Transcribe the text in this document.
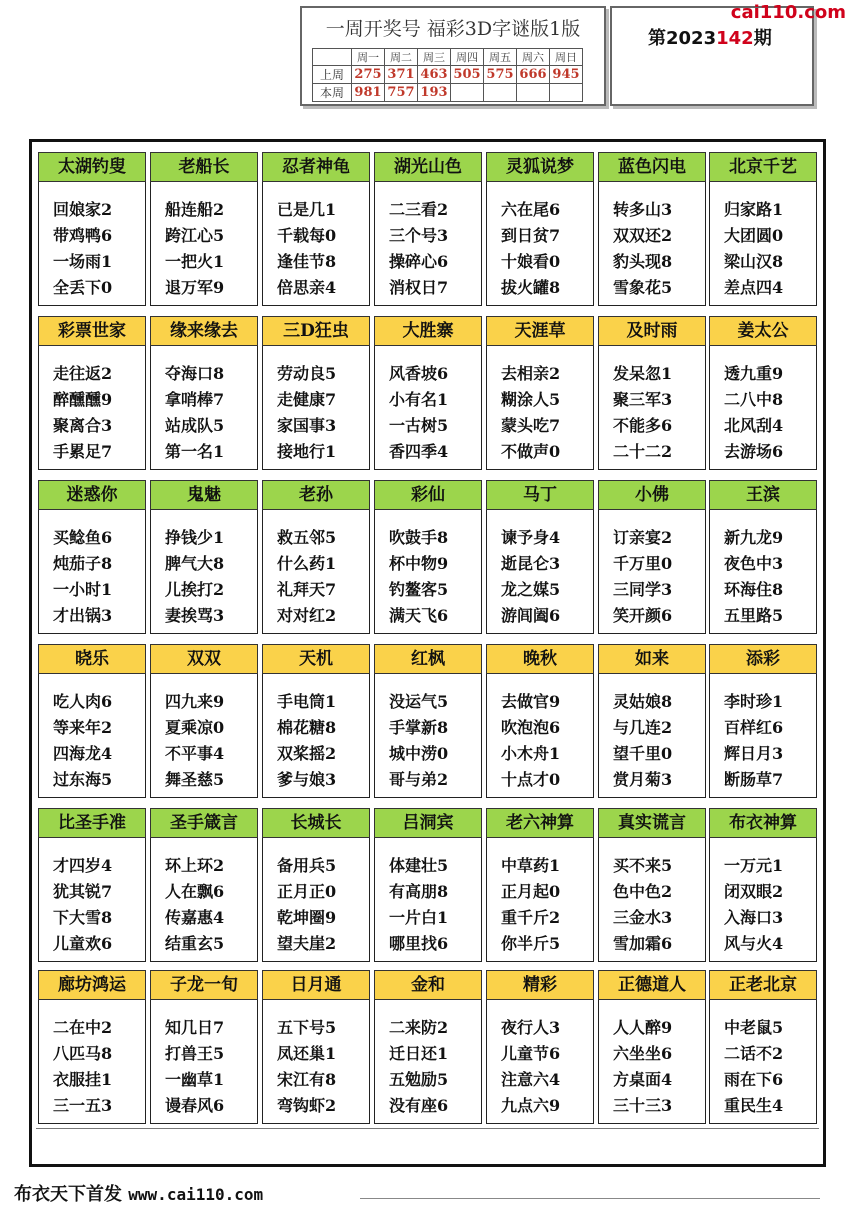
一周开奖号 福彩3D字谜版1版
	周一	周二	周三	周四	周五	周六	周日
上周	275	371	463	505	575	666	945
本周	981	757	193				
第2023142期
cai110.com
太湖钓叟
回娘家2
带鸡鸭6
一场雨1
全丢下0
老船长
船连船2
跨江心5
一把火1
退万军9
忍者神龟
已是几1
千载每0
逢佳节8
倍思亲4
湖光山色
二三看2
三个号3
操碎心6
消权日7
灵狐说梦
六在尾6
到日贫7
十娘看0
拔火罐8
蓝色闪电
转多山3
双双还2
豹头现8
雪象花5
北京千艺
归家路1
大团圆0
梁山汉8
差点四4
彩票世家
走往返2
醉醺醺9
聚离合3
手累足7
缘来缘去
夺海口8
拿哨棒7
站成队5
第一名1
三D狂虫
劳动良5
走健康7
家国事3
接地行1
大胜寨
风香坡6
小有名1
一古树5
香四季4
天涯草
去相亲2
糊涂人5
蒙头吃7
不做声0
及时雨
发呆忽1
聚三军3
不能多6
二十二2
姜太公
透九重9
二八中8
北风刮4
去游场6
迷惑你
买鲶鱼6
炖茄子8
一小时1
才出锅3
鬼魅
挣钱少1
脾气大8
儿挨打2
妻挨骂3
老孙
救五邻5
什么药1
礼拜天7
对对红2
彩仙
吹鼓手8
杯中物9
钓鳌客5
满天飞6
马丁
谏予身4
逝昆仑3
龙之媒5
游闾阖6
小佛
订亲宴2
千万里0
三同学3
笑开颜6
王滨
新九龙9
夜色中3
环海住8
五里路5
晓乐
吃人肉6
等来年2
四海龙4
过东海5
双双
四九来9
夏乘凉0
不平事4
舞圣慈5
天机
手电筒1
棉花糖8
双桨摇2
爹与娘3
红枫
没运气5
手掌新8
城中涝0
哥与弟2
晚秋
去做官9
吹泡泡6
小木舟1
十点才0
如来
灵姑娘8
与几连2
望千里0
赏月菊3
添彩
李时珍1
百样红6
辉日月3
断肠草7
比圣手准
才四岁4
犹其锐7
下大雪8
儿童欢6
圣手箴言
环上环2
人在飘6
传嘉惠4
结重玄5
长城长
备用兵5
正月正0
乾坤圈9
望夫崖2
吕洞宾
体建壮5
有高朋8
一片白1
哪里找6
老六神算
中草药1
正月起0
重千斤2
你半斤5
真实谎言
买不来5
色中色2
三金水3
雪加霜6
布衣神算
一万元1
闭双眼2
入海口3
风与火4
廊坊鸿运
二在中2
八匹马8
衣服挂1
三一五3
子龙一旬
知几日7
打兽王5
一幽草1
谩春风6
日月通
五下号5
凤还巢1
宋江有8
弯钩虾2
金和
二来防2
迁日还1
五勉励5
没有座6
精彩
夜行人3
儿童节6
注意六4
九点六9
正德道人
人人醉9
六坐坐6
方桌面4
三十三3
正老北京
中老鼠5
二话不2
雨在下6
重民生4
布衣天下首发 www.cai110.com
